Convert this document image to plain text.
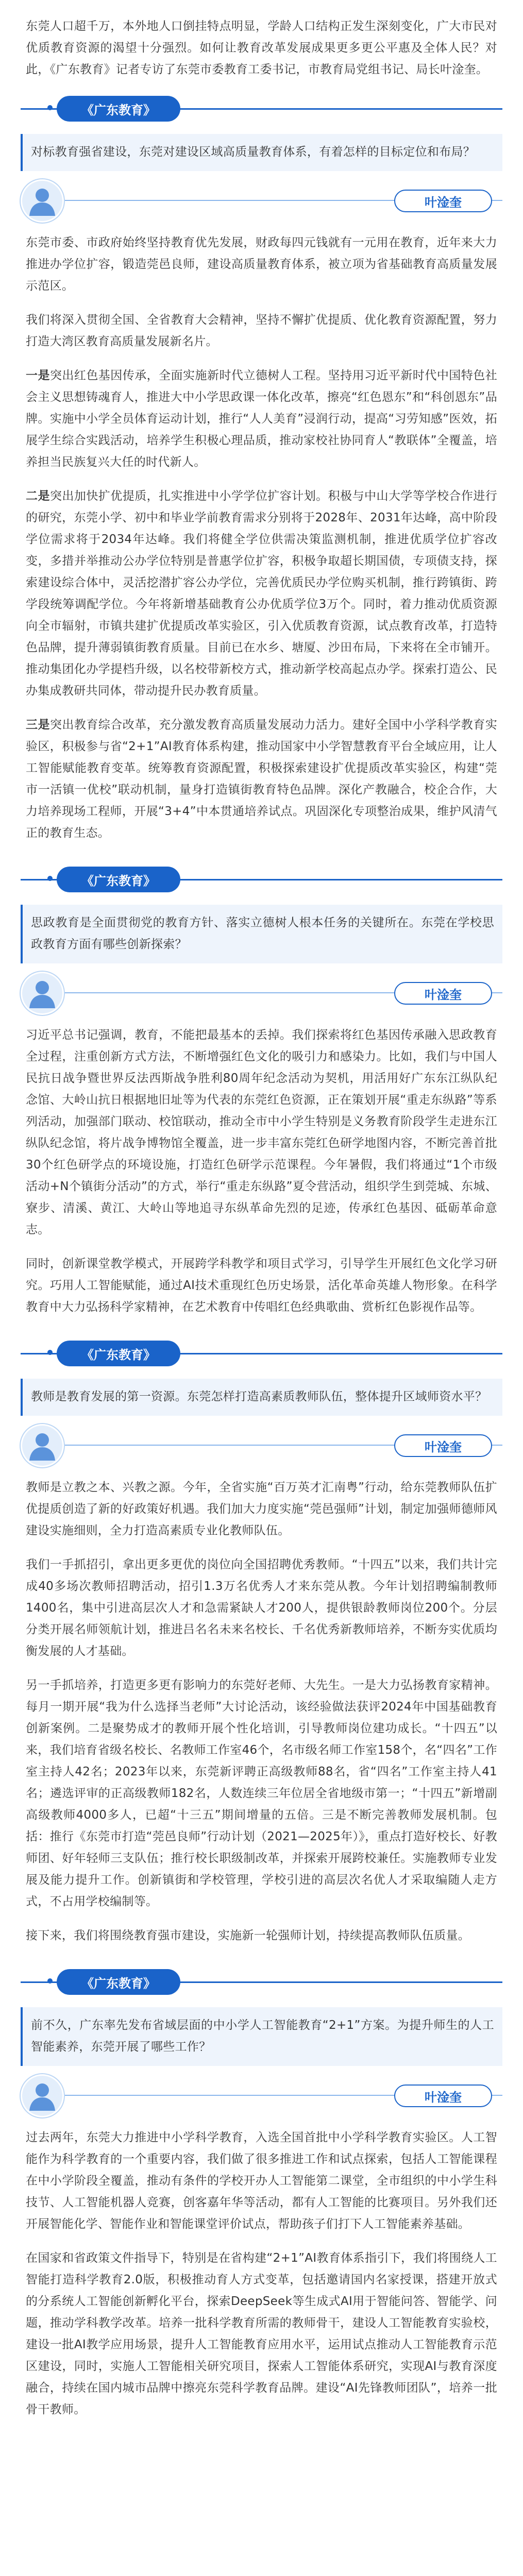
东莞人口超千万，本外地人口倒挂特点明显，学龄人口结构正发生深刻变化，广大市民对优质教育资源的渴望十分强烈。如何让教育改革发展成果更多更公平惠及全体人民？对此，《广东教育》记者专访了东莞市委教育工委书记，市教育局党组书记、局长叶淦奎。

《广东教育》

对标教育强省建设，东莞对建设区域高质量教育体系，有着怎样的目标定位和布局？

叶淦奎

东莞市委、市政府始终坚持教育优先发展，财政每四元钱就有一元用在教育，近年来大力推进办学位扩容，锻造莞邑良师，建设高质量教育体系，被立项为省基础教育高质量发展示范区。

我们将深入贯彻全国、全省教育大会精神，坚持不懈扩优提质、优化教育资源配置，努力打造大湾区教育高质量发展新名片。

一是突出红色基因传承，全面实施新时代立德树人工程。坚持用习近平新时代中国特色社会主义思想铸魂育人，推进大中小学思政课一体化改革，擦亮“红色恩东”和“科创恩东”品牌。实施中小学全员体育运动计划，推行“人人美育”浸润行动，提高“习劳知感”医效，拓展学生综合实践活动，培养学生积极心理品质，推动家校社协同育人“教联体”全覆盖，培养担当民族复兴大任的时代新人。

二是突出加快扩优提质，扎实推进中小学学位扩容计划。积极与中山大学等学校合作进行的研究，东莞小学、初中和毕业学前教育需求分别将于2028年、2031年达峰，高中阶段学位需求将于2034年达峰。我们将健全学位供需决策监测机制，推进优质学位扩容改变，多措并举推动公办学位特别是普惠学位扩容，积极争取超长期国债，专项债支持，探索建设综合体中，灵活挖潜扩容公办学位，完善优质民办学位购买机制，推行跨镇街、跨学段统筹调配学位。今年将新增基础教育公办优质学位3万个。同时，着力推动优质资源向全市辐射，市镇共建扩优提质改革实验区，引入优质教育资源，试点教育改革，打造特色品牌，提升薄弱镇街教育质量。目前已在水乡、塘厦、沙田布局，下来将在全市铺开。推动集团化办学提档升级，以名校带新校方式，推动新学校高起点办学。探索打造公、民办集成教研共同体，带动提升民办教育质量。

三是突出教育综合改革，充分激发教育高质量发展动力活力。建好全国中小学科学教育实验区，积极参与省“2+1”AI教育体系构建，推动国家中小学智慧教育平台全域应用，让人工智能赋能教育变革。统筹教育资源配置，积极探索建设扩优提质改革实验区，构建“莞市一活镇一优校”联动机制，量身打造镇街教育特色品牌。深化产教融合，校企合作，大力培养现场工程师，开展“3+4”中本贯通培养试点。巩固深化专项整治成果，维护风清气正的教育生态。

《广东教育》

思政教育是全面贯彻党的教育方针、落实立德树人根本任务的关键所在。东莞在学校思政教育方面有哪些创新探索？

叶淦奎

习近平总书记强调，教育，不能把最基本的丢掉。我们探索将红色基因传承融入思政教育全过程，注重创新方式方法，不断增强红色文化的吸引力和感染力。比如，我们与中国人民抗日战争暨世界反法西斯战争胜利80周年纪念活动为契机，用活用好广东东江纵队纪念馆、大岭山抗日根据地旧址等为代表的东莞红色资源，正在策划开展“重走东纵路”等系列活动，加强部门联动、校馆联动，推动全市中小学生特别是义务教育阶段学生走进东江纵队纪念馆，将片战争博物馆全覆盖，进一步丰富东莞红色研学地图内容，不断完善首批30个红色研学点的环境设施，打造红色研学示范课程。今年暑假，我们将通过“1个市级活动+N个镇街分活动”的方式，举行“重走东纵路”夏令营活动，组织学生到莞城、东城、寮步、清溪、黄江、大岭山等地追寻东纵革命先烈的足迹，传承红色基因、砥砺革命意志。

同时，创新课堂教学模式，开展跨学科教学和项目式学习，引导学生开展红色文化学习研究。巧用人工智能赋能，通过AI技术重现红色历史场景，活化革命英雄人物形象。在科学教育中大力弘扬科学家精神，在艺术教育中传唱红色经典歌曲、赏析红色影视作品等。

《广东教育》

教师是教育发展的第一资源。东莞怎样打造高素质教师队伍，整体提升区域师资水平？

叶淦奎

教师是立教之本、兴教之源。今年，全省实施“百万英才汇南粤”行动，给东莞教师队伍扩优提质创造了新的好政策好机遇。我们加大力度实施“莞邑强师”计划，制定加强师德师风建设实施细则，全力打造高素质专业化教师队伍。

我们一手抓招引，拿出更多更优的岗位向全国招聘优秀教师。“十四五”以来，我们共计完成40多场次教师招聘活动，招引1.3万名优秀人才来东莞从教。今年计划招聘编制教师1400名，集中引进高层次人才和急需紧缺人才200人，提供银龄教师岗位200个。分层分类开展名师领航计划，推进吕名名未来名校长、千名优秀新教师培养，不断夯实优质均衡发展的人才基础。

另一手抓培养，打造更多更有影响力的东莞好老师、大先生。一是大力弘扬教育家精神。每月一期开展“我为什么选择当老师”大讨论活动，该经验做法获评2024年中国基础教育创新案例。二是聚势成才的教师开展个性化培训，引导教师岗位建功成长。“十四五”以来，我们培育省级名校长、名教师工作室46个，名市级名师工作室158个，名“四名”工作室主持人42名；2023年以来，东莞新评聘正高级教师88名，省“四名”工作室主持人41名；遴选评审的正高级教师182名，人数连续三年位居全省地级市第一；“十四五”新增副高级教师4000多人，已超“十三五”期间增量的五倍。三是不断完善教师发展机制。包括：推行《东莞市打造“莞邑良师”行动计划（2021—2025年）》，重点打造好校长、好教师团、好年轻师三支队伍；推行校长职级制改革，并探索开展跨校兼任。实施教师专业发展及能力提升工作。创新镇街和学校管理，学校引进的高层次名优人才采取编随人走方式，不占用学校编制等。

接下来，我们将围绕教育强市建设，实施新一轮强师计划，持续提高教师队伍质量。

《广东教育》

前不久，广东率先发布省域层面的中小学人工智能教育“2+1”方案。为提升师生的人工智能素养，东莞开展了哪些工作？

叶淦奎

过去两年，东莞大力推进中小学科学教育，入选全国首批中小学科学教育实验区。人工智能作为科学教育的一个重要内容，我们做了很多推进工作和试点探索，包括人工智能课程在中小学阶段全覆盖，推动有条件的学校开办人工智能第二课堂，全市组织的中小学生科技节、人工智能机器人竞赛，创客嘉年华等活动，都有人工智能的比赛项目。另外我们还开展智能化学、智能作业和智能课堂评价试点，帮助孩子们打下人工智能素养基础。

在国家和省政策文件指导下，特别是在省构建“2+1”AI教育体系指引下，我们将围绕人工智能打造科学教育2.0版，积极推动育人方式变革，包括邀请国内名家授课，搭建开放式的分系统人工智能创新孵化平台，探索DeepSeek等生成式AI用于智能问答、智能学、问题，推动学科教学改革。培养一批科学教育所需的教师骨干，建设人工智能教育实验校，建设一批AI教学应用场景，提升人工智能教育应用水平，运用试点推动人工智能教育示范区建设，同时，实施人工智能相关研究项目，探索人工智能体系研究，实现AI与教育深度融合，持续在国内城市品牌中擦亮东莞科学教育品牌。建设“AI先锋教师团队”，培养一批骨干教师。
